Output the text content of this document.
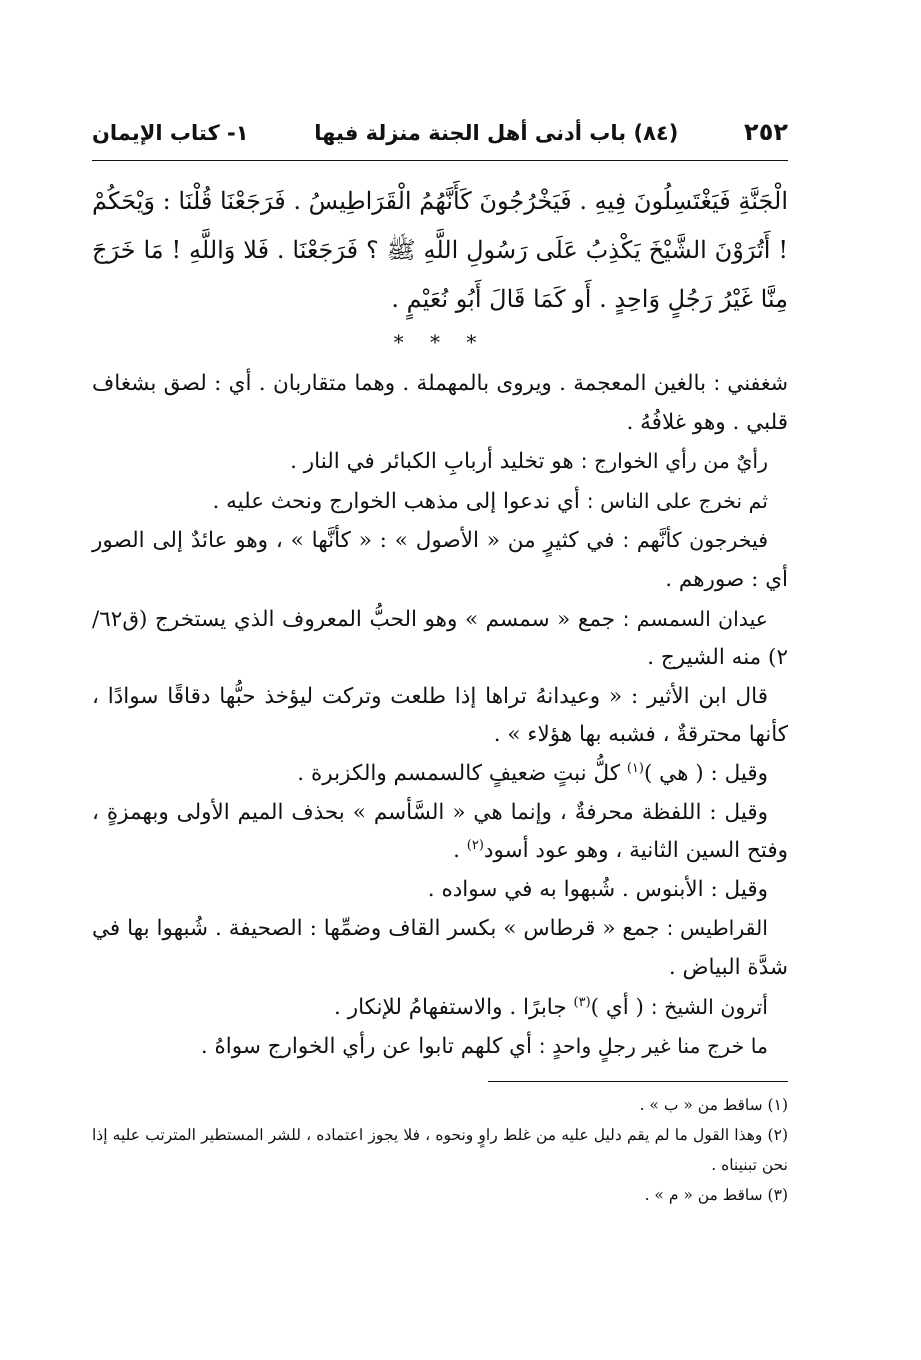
٢٥٢
(٨٤) باب أدنى أهل الجنة منزلة فيها
١- كتاب الإيمان
الْجَنَّةِ فَيَغْتَسِلُونَ فِيهِ . فَيَخْرُجُونَ كَأَنَّهُمُ الْقَرَاطِيسُ . فَرَجَعْنَا قُلْنَا : وَيْحَكُمْ ! أَتُرَوْنَ الشَّيْخَ يَكْذِبُ عَلَى رَسُولِ اللَّهِ ﷺ ؟ فَرَجَعْنَا . فَلا وَاللَّهِ ! مَا خَرَجَ مِنَّا غَيْرُ رَجُلٍ وَاحِدٍ . أَو كَمَا قَالَ أَبُو نُعَيْمٍ .
* * *

شغفني : بالغين المعجمة . ويروى بالمهملة . وهما متقاربان . أي : لصق بشغاف قلبي . وهو غلافُهُ .

رأيٌ من رأي الخوارج : هو تخليد أربابِ الكبائر في النار .

ثم نخرج على الناس : أي ندعوا إلى مذهب الخوارج ونحث عليه .

فيخرجون كأنَّهم : في كثيرٍ من « الأصول » : « كأنَّها » ، وهو عائدٌ إلى الصور أي : صورهم .

عيدان السمسم : جمع « سمسم » وهو الحبُّ المعروف الذي يستخرج (ق٦٢/ ٢) منه الشيرج .

قال ابن الأثير : « وعيدانهُ تراها إذا طلعت وتركت ليؤخذ حبُّها دقاقًا سوادًا ، كأنها محترقةٌ ، فشبه بها هؤلاء » .

وقيل : ( هي )$^{(١)}$ كلُّ نبتٍ ضعيفٍ كالسمسم والكزبرة .

وقيل : اللفظة محرفةٌ ، وإنما هي « السَّأسم » بحذف الميم الأولى وبهمزةٍ ، وفتح السين الثانية ، وهو عود أسود$^{(٢)}$ .

وقيل : الأبنوس . شُبهوا به في سواده .

القراطيس : جمع « قرطاس » بكسر القاف وضمِّها : الصحيفة . شُبهوا بها في شدَّة البياض .

أترون الشيخ : ( أي )$^{(٣)}$ جابرًا . والاستفهامُ للإنكار .

ما خرج منا غير رجلٍ واحدٍ : أي كلهم تابوا عن رأي الخوارج سواهُ .

(١) ساقط من « ب » .

(٢) وهذا القول ما لم يقم دليل عليه من غلط راوٍ ونحوه ، فلا يجوز اعتماده ، للشر المستطير المترتب عليه إذا نحن تبنيناه .

(٣) ساقط من « م » .
